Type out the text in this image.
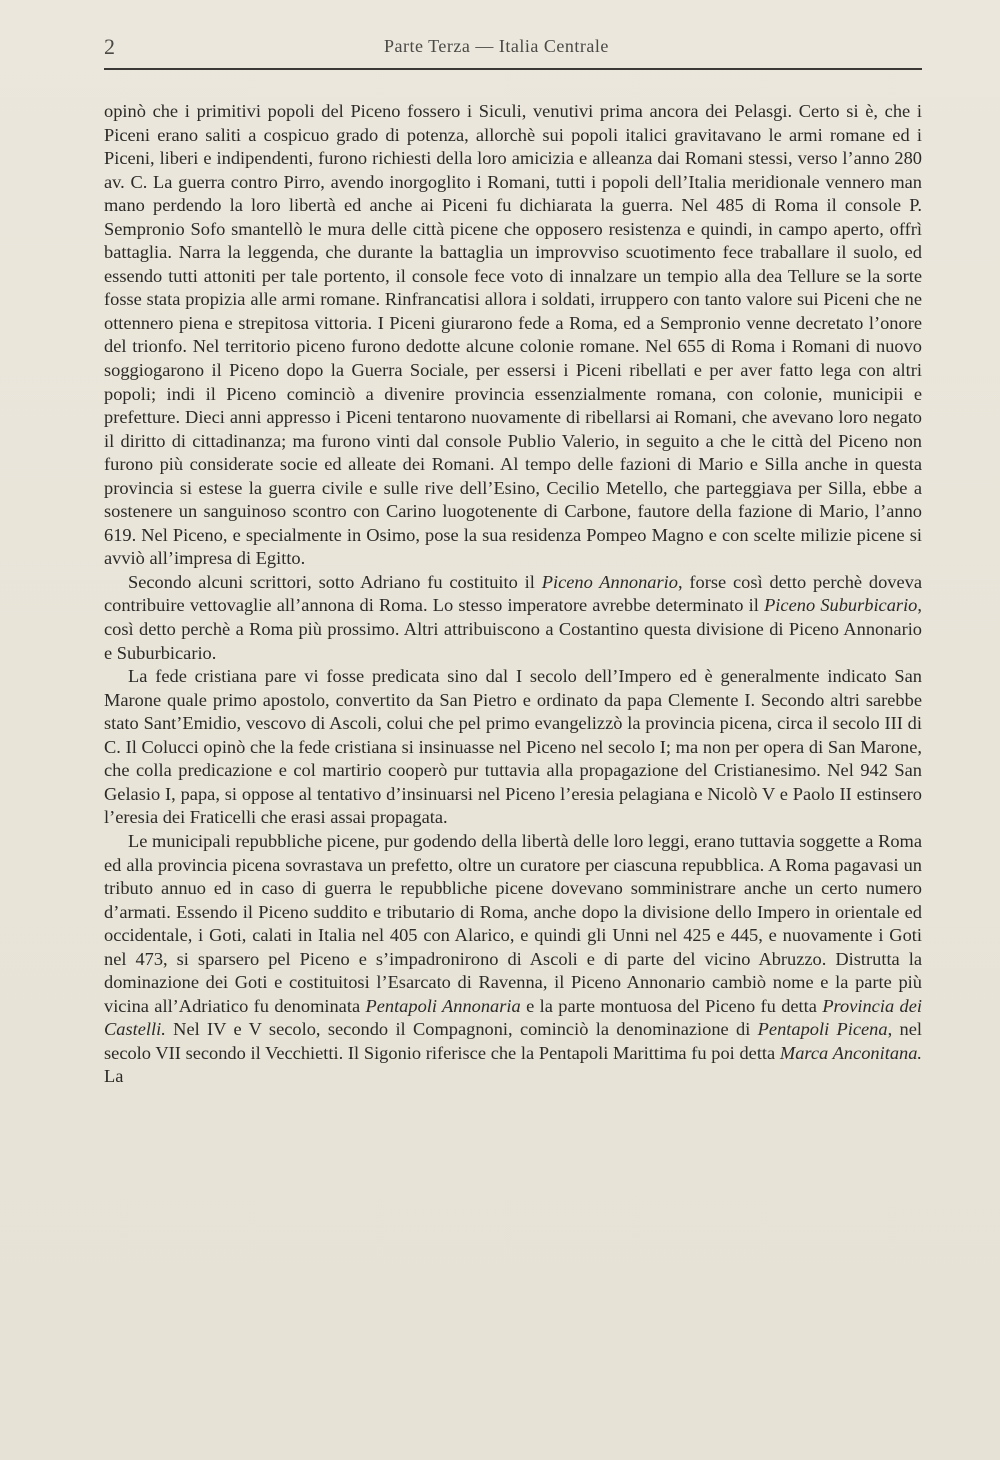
2	Parte Terza — Italia Centrale

opinò che i primitivi popoli del Piceno fossero i Siculi, venutivi prima ancora dei Pelasgi. Certo si è, che i Piceni erano saliti a cospicuo grado di potenza, allorchè sui popoli italici gravitavano le armi romane ed i Piceni, liberi e indipendenti, furono richiesti della loro amicizia e alleanza dai Romani stessi, verso l’anno 280 av. C. La guerra contro Pirro, avendo inorgoglito i Romani, tutti i popoli dell’Italia meridionale vennero man mano perdendo la loro libertà ed anche ai Piceni fu dichiarata la guerra. Nel 485 di Roma il console P. Sempronio Sofo smantellò le mura delle città picene che opposero resistenza e quindi, in campo aperto, offrì battaglia. Narra la leggenda, che durante la battaglia un improvviso scuotimento fece traballare il suolo, ed essendo tutti attoniti per tale portento, il console fece voto di innalzare un tempio alla dea Tellure se la sorte fosse stata propizia alle armi romane. Rinfrancatisi allora i soldati, irruppero con tanto valore sui Piceni che ne ottennero piena e strepitosa vittoria. I Piceni giurarono fede a Roma, ed a Sempronio venne decretato l’onore del trionfo. Nel territorio piceno furono dedotte alcune colonie romane. Nel 655 di Roma i Romani di nuovo soggiogarono il Piceno dopo la Guerra Sociale, per essersi i Piceni ribellati e per aver fatto lega con altri popoli; indi il Piceno cominciò a divenire provincia essenzialmente romana, con colonie, municipii e prefetture. Dieci anni appresso i Piceni tentarono nuovamente di ribellarsi ai Romani, che avevano loro negato il diritto di cittadinanza; ma furono vinti dal console Publio Valerio, in seguito a che le città del Piceno non furono più considerate socie ed alleate dei Romani. Al tempo delle fazioni di Mario e Silla anche in questa provincia si estese la guerra civile e sulle rive dell’Esino, Cecilio Metello, che parteggiava per Silla, ebbe a sostenere un sanguinoso scontro con Carino luogotenente di Carbone, fautore della fazione di Mario, l’anno 619. Nel Piceno, e specialmente in Osimo, pose la sua residenza Pompeo Magno e con scelte milizie picene si avviò all’impresa di Egitto.

Secondo alcuni scrittori, sotto Adriano fu costituito il Piceno Annonario, forse così detto perchè doveva contribuire vettovaglie all’annona di Roma. Lo stesso imperatore avrebbe determinato il Piceno Suburbicario, così detto perchè a Roma più prossimo. Altri attribuiscono a Costantino questa divisione di Piceno Annonario e Suburbicario.

La fede cristiana pare vi fosse predicata sino dal I secolo dell’Impero ed è generalmente indicato San Marone quale primo apostolo, convertito da San Pietro e ordinato da papa Clemente I. Secondo altri sarebbe stato Sant’Emidio, vescovo di Ascoli, colui che pel primo evangelizzò la provincia picena, circa il secolo III di C. Il Colucci opinò che la fede cristiana si insinuasse nel Piceno nel secolo I; ma non per opera di San Marone, che colla predicazione e col martirio cooperò pur tuttavia alla propagazione del Cristianesimo. Nel 942 San Gelasio I, papa, si oppose al tentativo d’insinuarsi nel Piceno l’eresia pelagiana e Nicolò V e Paolo II estinsero l’eresia dei Fraticelli che erasi assai propagata.

Le municipali repubbliche picene, pur godendo della libertà delle loro leggi, erano tuttavia soggette a Roma ed alla provincia picena sovrastava un prefetto, oltre un curatore per ciascuna repubblica. A Roma pagavasi un tributo annuo ed in caso di guerra le repubbliche picene dovevano somministrare anche un certo numero d’armati. Essendo il Piceno suddito e tributario di Roma, anche dopo la divisione dello Impero in orientale ed occidentale, i Goti, calati in Italia nel 405 con Alarico, e quindi gli Unni nel 425 e 445, e nuovamente i Goti nel 473, si sparsero pel Piceno e s’impadronirono di Ascoli e di parte del vicino Abruzzo. Distrutta la dominazione dei Goti e costituitosi l’Esarcato di Ravenna, il Piceno Annonario cambiò nome e la parte più vicina all’Adriatico fu denominata Pentapoli Annonaria e la parte montuosa del Piceno fu detta Provincia dei Castelli. Nel IV e V secolo, secondo il Compagnoni, cominciò la denominazione di Pentapoli Picena, nel secolo VII secondo il Vecchietti. Il Sigonio riferisce che la Pentapoli Marittima fu poi detta Marca Anconitana. La
